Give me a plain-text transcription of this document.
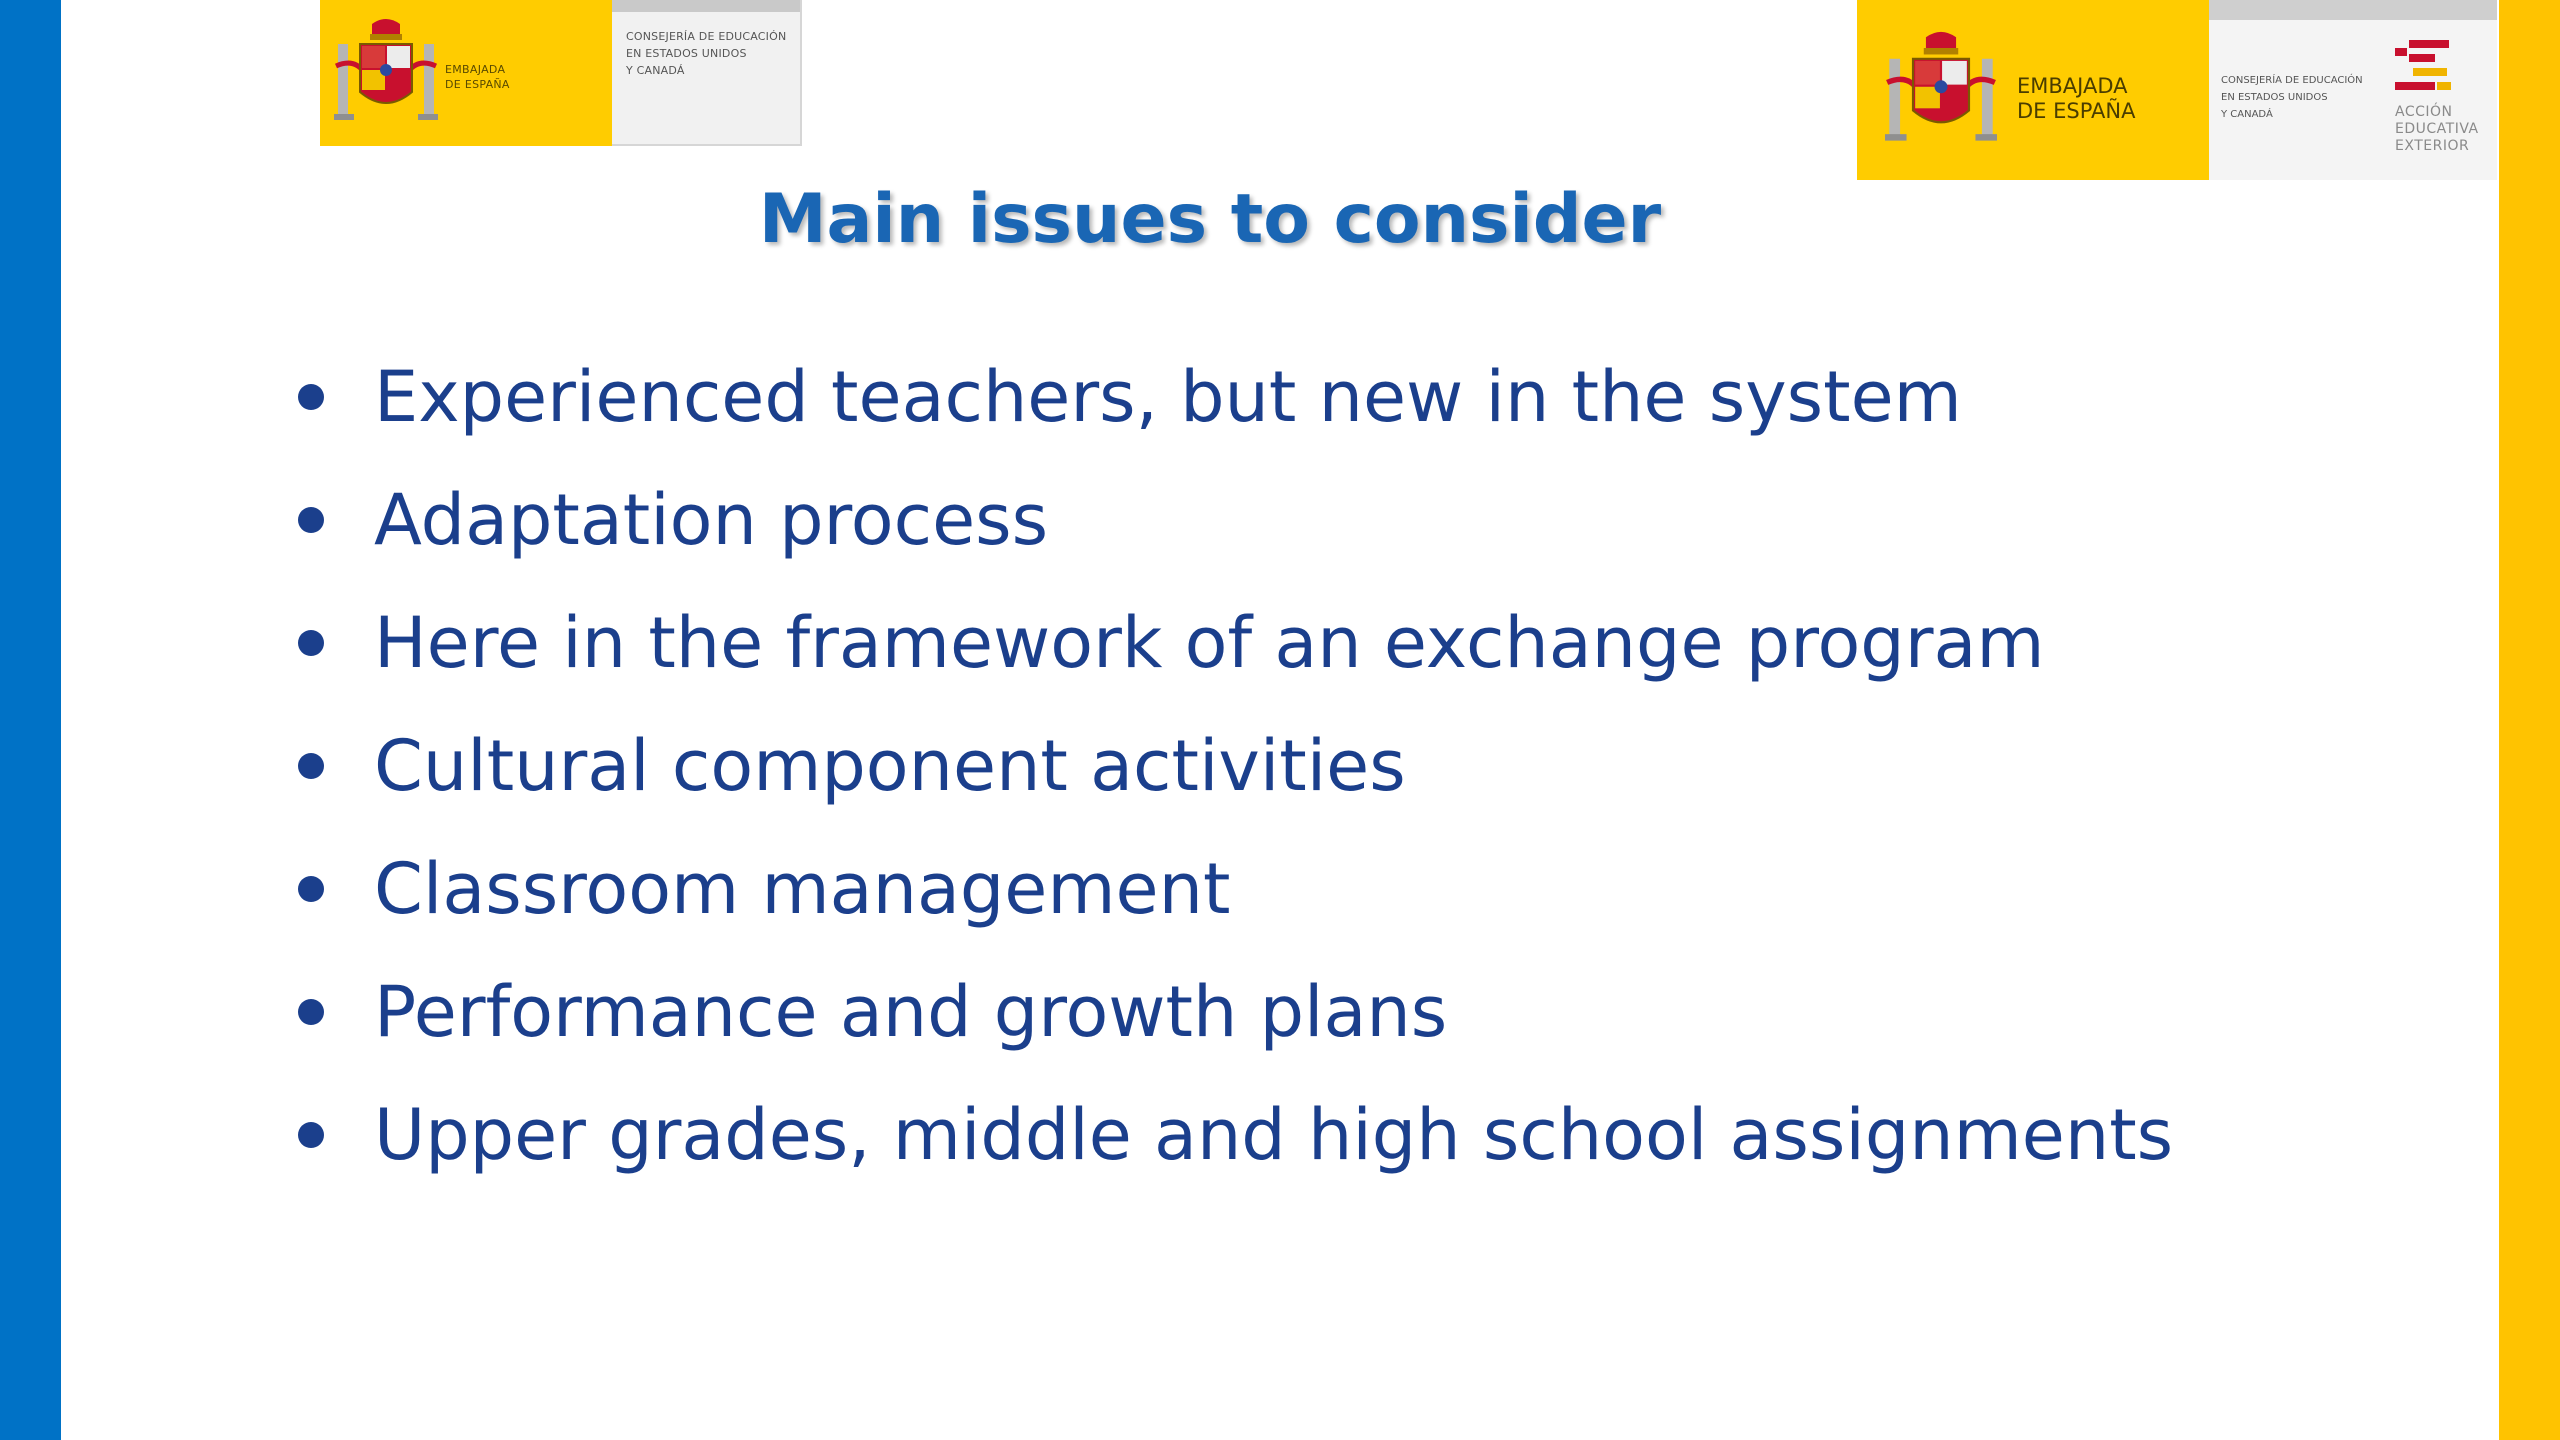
EMBAJADA
DE ESPAÑA
CONSEJERÍA DE EDUCACIÓN
EN ESTADOS UNIDOS
Y CANADÁ
EMBAJADA
DE ESPAÑA
CONSEJERÍA DE EDUCACIÓN
EN ESTADOS UNIDOS
Y CANADÁ	ACCIÓN
EDUCATIVA
EXTERIOR
Main issues to consider
Experienced teachers, but new in the system
Adaptation process
Here in the framework of an exchange program
Cultural component activities
Classroom management
Performance and growth plans
Upper grades, middle and high school assignments
